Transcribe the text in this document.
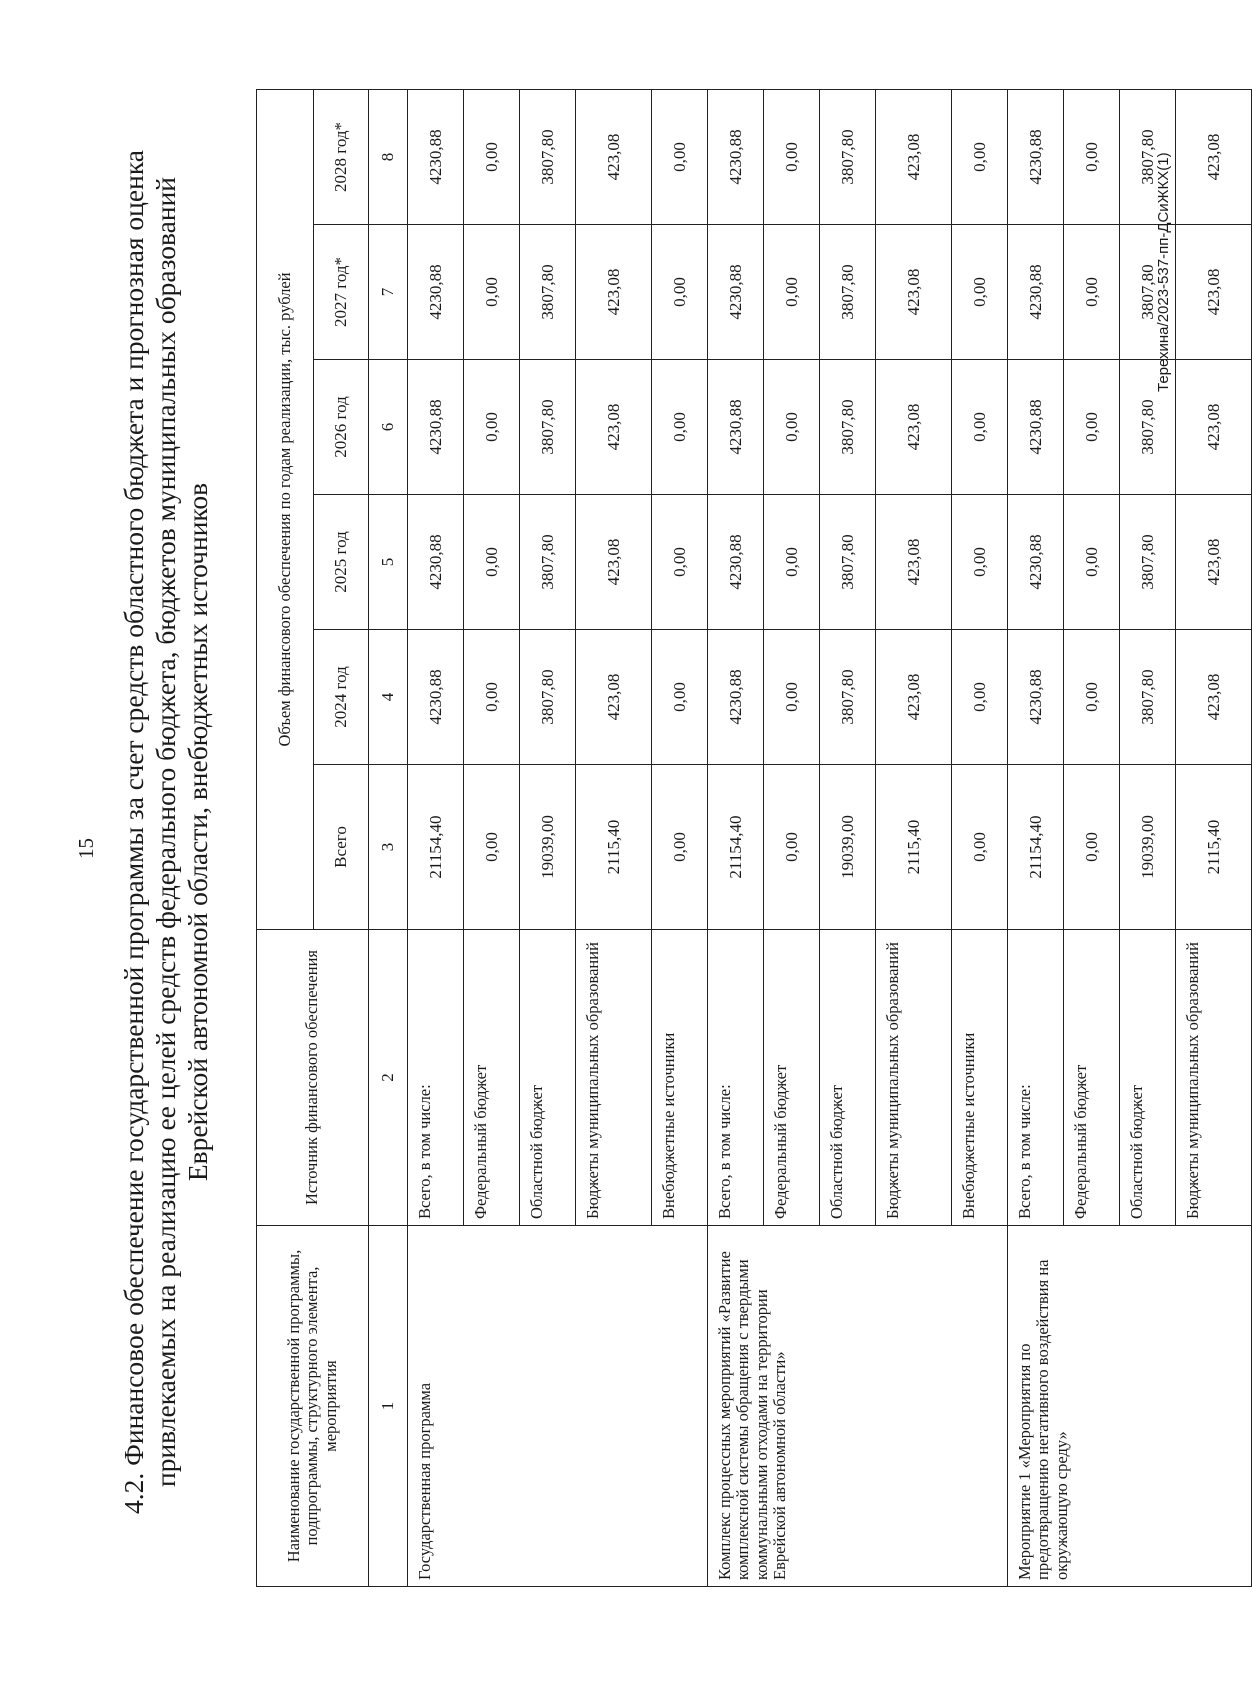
15 4.2. Финансовое обеспечение государственной программы за счет средств областного бюджета и прогнозная оценка привлекаемых на реализацию ее целей средств федерального бюджета, бюджетов муниципальных образований Еврейской автономной области, внебюджетных источников
Наименование государственной программы, подпрограммы, структурного элемента, мероприятия	Источник финансового обеспечения	Объем финансового обеспечения по годам реализации, тыс. рублей					
		Всего	2024 год	2025 год	2026 год	2027 год*	2028 год*
1	2	3	4	5	6	7	8
Государственная программа	Всего, в том числе:	21154,40	4230,88	4230,88	4230,88	4230,88	4230,88
	Федеральный бюджет	0,00	0,00	0,00	0,00	0,00	0,00
	Областной бюджет	19039,00	3807,80	3807,80	3807,80	3807,80	3807,80
	Бюджеты муниципальных образований	2115,40	423,08	423,08	423,08	423,08	423,08
	Внебюджетные источники	0,00	0,00	0,00	0,00	0,00	0,00
Комплекс процессных мероприятий «Развитие комплексной системы обращения с твердыми коммунальными отходами на территории Еврейской автономной области»	Всего, в том числе:	21154,40	4230,88	4230,88	4230,88	4230,88	4230,88
	Федеральный бюджет	0,00	0,00	0,00	0,00	0,00	0,00
	Областной бюджет	19039,00	3807,80	3807,80	3807,80	3807,80	3807,80
	Бюджеты муниципальных образований	2115,40	423,08	423,08	423,08	423,08	423,08
	Внебюджетные источники	0,00	0,00	0,00	0,00	0,00	0,00
Мероприятие 1 «Мероприятия по предотвращению негативного воздействия на окружающую среду»	Всего, в том числе:	21154,40	4230,88	4230,88	4230,88	4230,88	4230,88
	Федеральный бюджет	0,00	0,00	0,00	0,00	0,00	0,00
	Областной бюджет	19039,00	3807,80	3807,80	3807,80	3807,80	3807,80
	Бюджеты муниципальных образований	2115,40	423,08	423,08	423,08	423,08	423,08
Терехина/2023-537-пп-ДСиЖКХ(1)
